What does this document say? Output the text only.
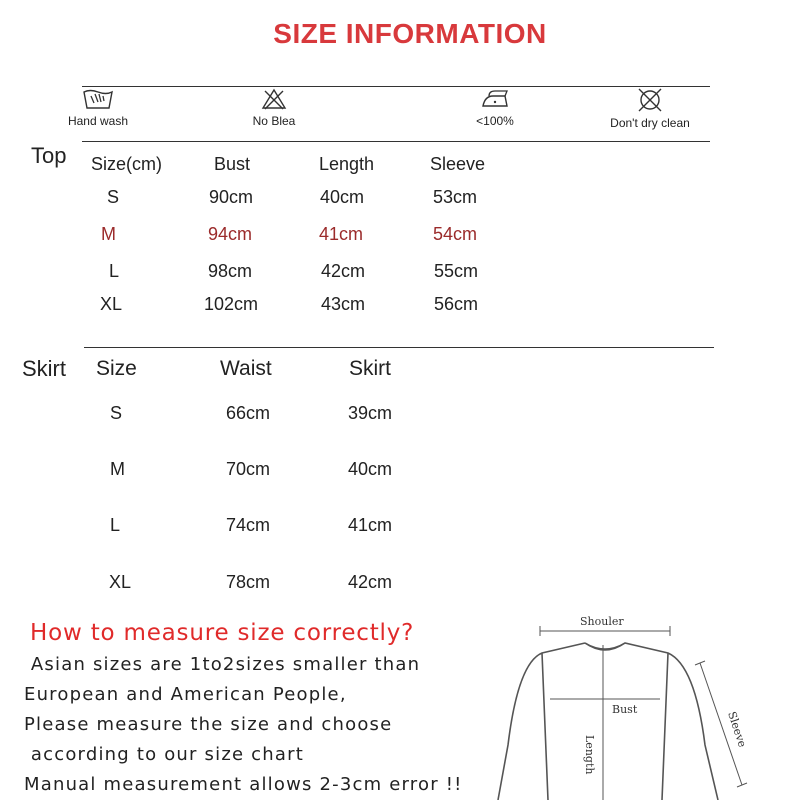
SIZE INFORMATION
Hand wash	No Blea	<100%	Don't dry clean
Top Size(cm)	Bust	Length	Sleeve
S	90cm	40cm	53cm
M	94cm	41cm	54cm
L	98cm	42cm	55cm
XL	102cm	43cm	56cm
Skirt Size	Waist	Skirt
S	66cm	39cm
M	70cm	40cm
L	74cm	41cm
XL	78cm	42cm
How to measure size correctly?
Asian sizes are 1to2sizes smaller than
European and American People,
Please measure the size and choose
according to our size chart
Manual measurement allows 2-3cm error !!
Shouler
Bust
Length
Sleeve
